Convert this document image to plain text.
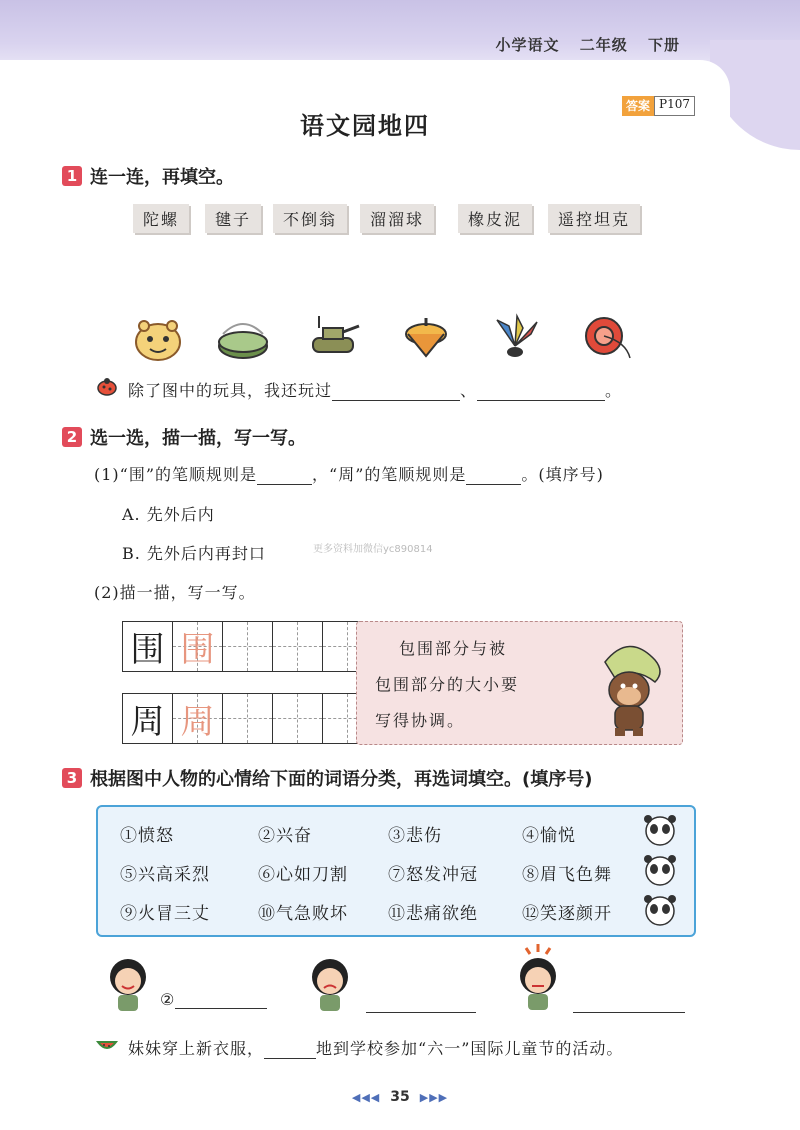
小学语文 二年级 下册
答案 P107
语文园地四
1 连一连，再填空。
陀螺	毽子	不倒翁	溜溜球	橡皮泥	遥控坦克
除了图中的玩具，我还玩过	、	。
2 选一选，描一描，写一写。
(1)“围”的笔顺规则是	，“周”的笔顺规则是	。(填序号)
A. 先外后内
B. 先外后内再封口	更多资料加微信yc890814
(2)描一描，写一写。
围 围
周 周
包围部分与被
包围部分的大小要
写得协调。
3 根据图中人物的心情给下面的词语分类，再选词填空。(填序号)
①愤怒	②兴奋	③悲伤	④愉悦
⑤兴高采烈	⑥心如刀割 ⑦怒发冲冠	⑧眉飞色舞
⑨火冒三丈	⑩气急败坏 ⑪悲痛欲绝	⑫笑逐颜开
②
妹妹穿上新衣服，	地到学校参加“六一”国际儿童节的活动。
◀◀◀ 35 ▶▶▶
